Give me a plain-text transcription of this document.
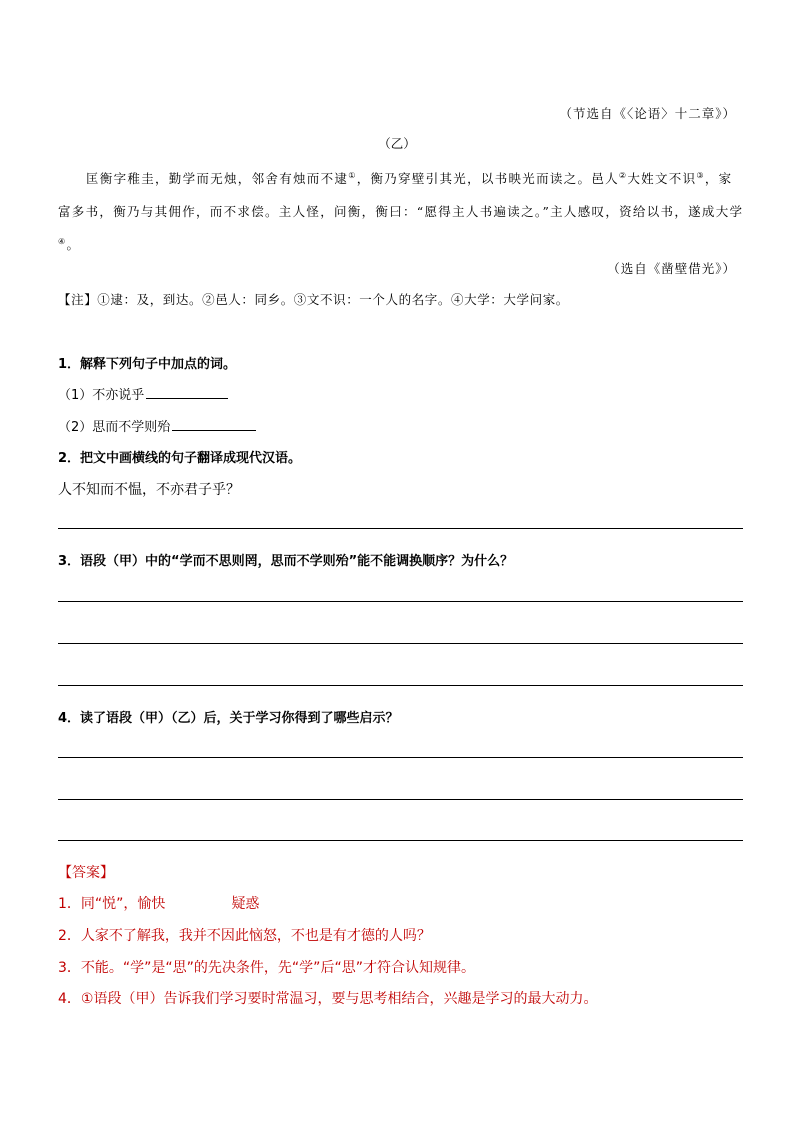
（节选自《〈论语〉十二章》）
（乙）
匡衡字稚圭，勤学而无烛，邻舍有烛而不逮①，衡乃穿壁引其光，以书映光而读之。邑人②大姓文不识③，家富多书，衡乃与其佣作，而不求偿。主人怪，问衡，衡曰：“愿得主人书遍读之。”主人感叹，资给以书，遂成大学④。
（选自《凿壁借光》）
【注】①逮：及，到达。②邑人：同乡。③文不识：一个人的名字。④大学：大学问家。
1．解释下列句子中加点的词。
（1）不亦说乎
（2）思而不学则殆
2．把文中画横线的句子翻译成现代汉语。
人不知而不愠，不亦君子乎？
3．语段（甲）中的“学而不思则罔，思而不学则殆”能不能调换顺序？为什么？
4．读了语段（甲）（乙）后，关于学习你得到了哪些启示？
【答案】
1．同“悦”，愉快	疑惑
2．人家不了解我，我并不因此恼怒，不也是有才德的人吗？
3．不能。“学”是“思”的先决条件，先“学”后“思”才符合认知规律。
4．①语段（甲）告诉我们学习要时常温习，要与思考相结合，兴趣是学习的最大动力。
